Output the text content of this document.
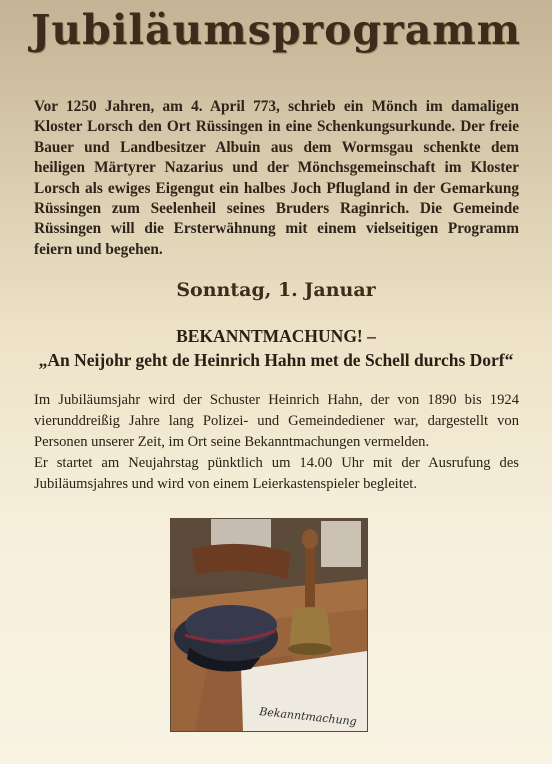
Jubiläumsprogramm
Vor 1250 Jahren, am 4. April 773, schrieb ein Mönch im damaligen Kloster Lorsch den Ort Rüssingen in eine Schenkungsurkunde. Der freie Bauer und Landbesitzer Albuin aus dem Wormsgau schenkte dem heiligen Märtyrer Nazarius und der Mönchsgemeinschaft im Kloster Lorsch als ewiges Eigengut ein halbes Joch Pflugland in der Gemarkung Rüssingen zum Seelenheil seines Bruders Raginrich. Die Gemeinde Rüssingen will die Ersterwähnung mit einem vielseitigen Programm feiern und begehen.
Sonntag, 1. Januar
BEKANNTMACHUNG! –
„An Neijohr geht de Heinrich Hahn met de Schell durchs Dorf“

Im Jubiläumsjahr wird der Schuster Heinrich Hahn, der von 1890 bis 1924 vierunddreißig Jahre lang Polizei- und Gemeindediener war, dargestellt von Personen unserer Zeit, im Ort seine Bekanntmachungen vermelden.

Er startet am Neujahrstag pünktlich um 14.00 Uhr mit der Ausrufung des Jubiläumsjahres und wird von einem Leierkastenspieler begleitet.

Bekanntmachung
